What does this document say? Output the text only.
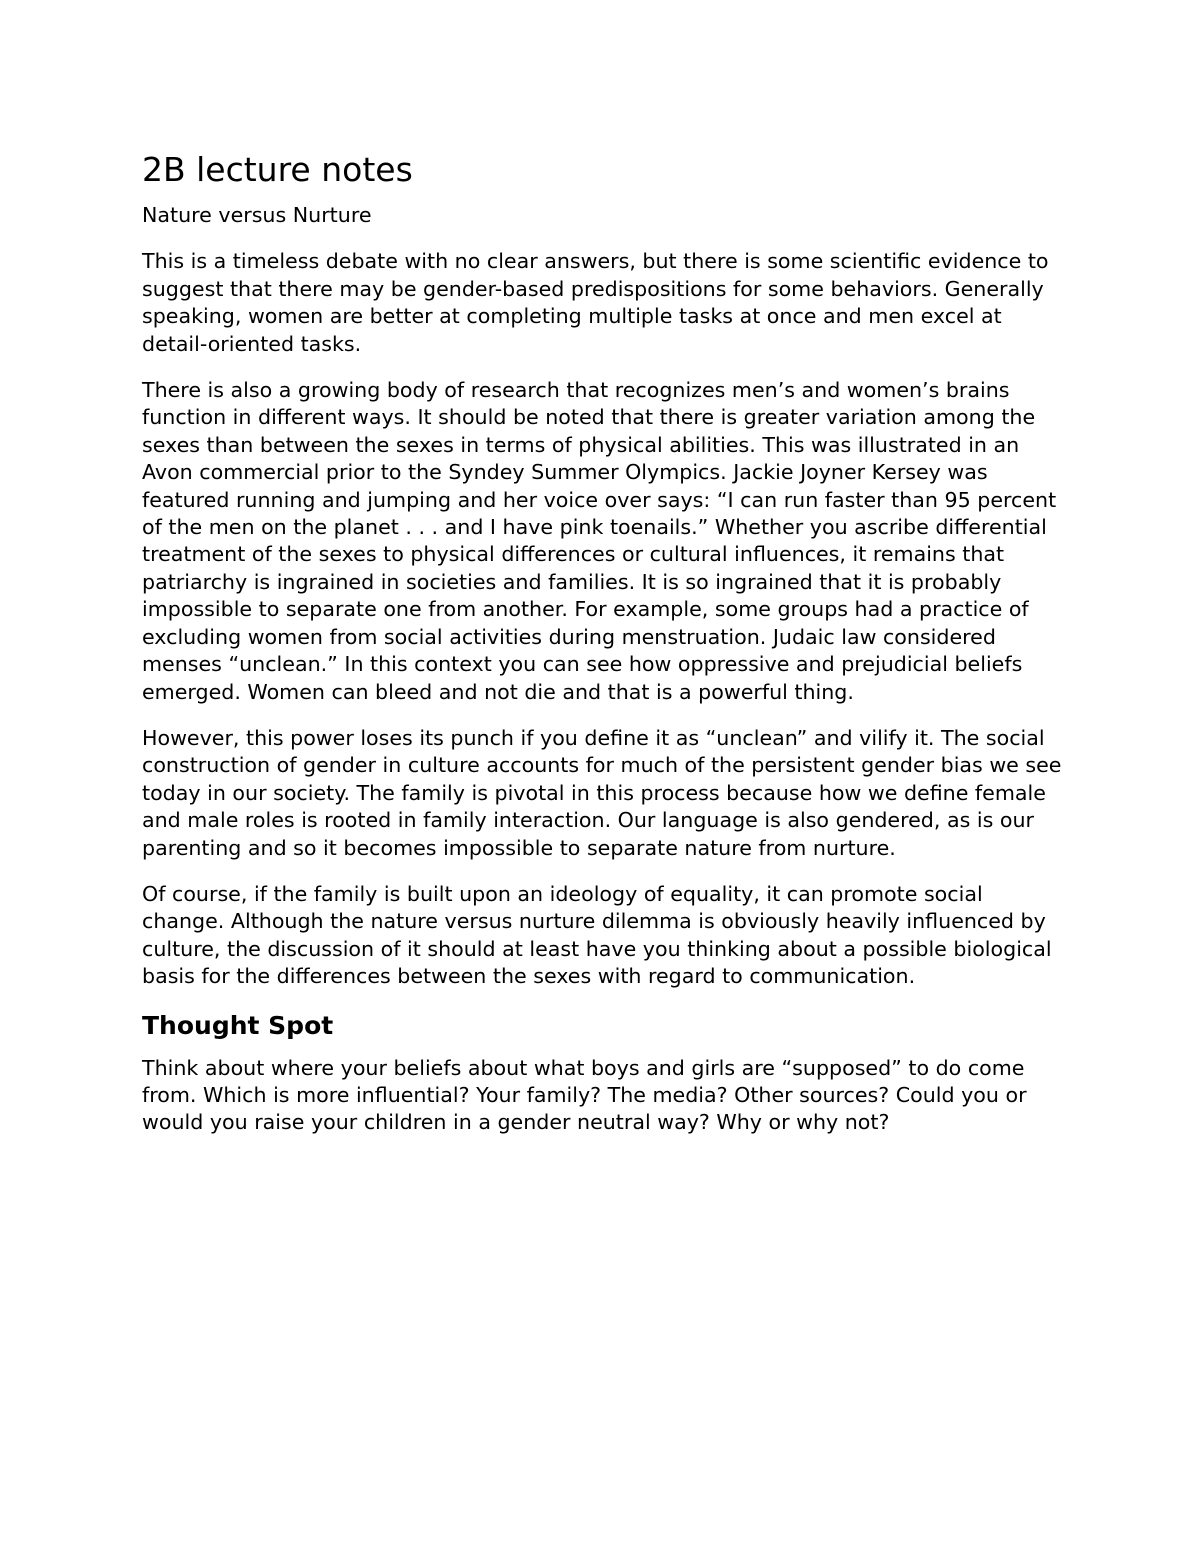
2B lecture notes

Nature versus Nurture

This is a timeless debate with no clear answers, but there is some scientific evidence to suggest that there may be gender-based predispositions for some behaviors. Generally speaking, women are better at completing multiple tasks at once and men excel at detail-oriented tasks.

There is also a growing body of research that recognizes men’s and women’s brains function in different ways. It should be noted that there is greater variation among the sexes than between the sexes in terms of physical abilities. This was illustrated in an Avon commercial prior to the Syndey Summer Olympics. Jackie Joyner Kersey was featured running and jumping and her voice over says: “I can run faster than 95 percent of the men on the planet . . . and I have pink toenails.” Whether you ascribe differential treatment of the sexes to physical differences or cultural influences, it remains that patriarchy is ingrained in societies and families. It is so ingrained that it is probably impossible to separate one from another. For example, some groups had a practice of excluding women from social activities during menstruation. Judaic law considered menses “unclean.” In this context you can see how oppressive and prejudicial beliefs emerged. Women can bleed and not die and that is a powerful thing.

However, this power loses its punch if you define it as “unclean” and vilify it. The social construction of gender in culture accounts for much of the persistent gender bias we see today in our society. The family is pivotal in this process because how we define female and male roles is rooted in family interaction. Our language is also gendered, as is our parenting and so it becomes impossible to separate nature from nurture.

Of course, if the family is built upon an ideology of equality, it can promote social change. Although the nature versus nurture dilemma is obviously heavily influenced by culture, the discussion of it should at least have you thinking about a possible biological basis for the differences between the sexes with regard to communication.

Thought Spot

Think about where your beliefs about what boys and girls are “supposed” to do come from. Which is more influential? Your family? The media? Other sources? Could you or would you raise your children in a gender neutral way? Why or why not?
